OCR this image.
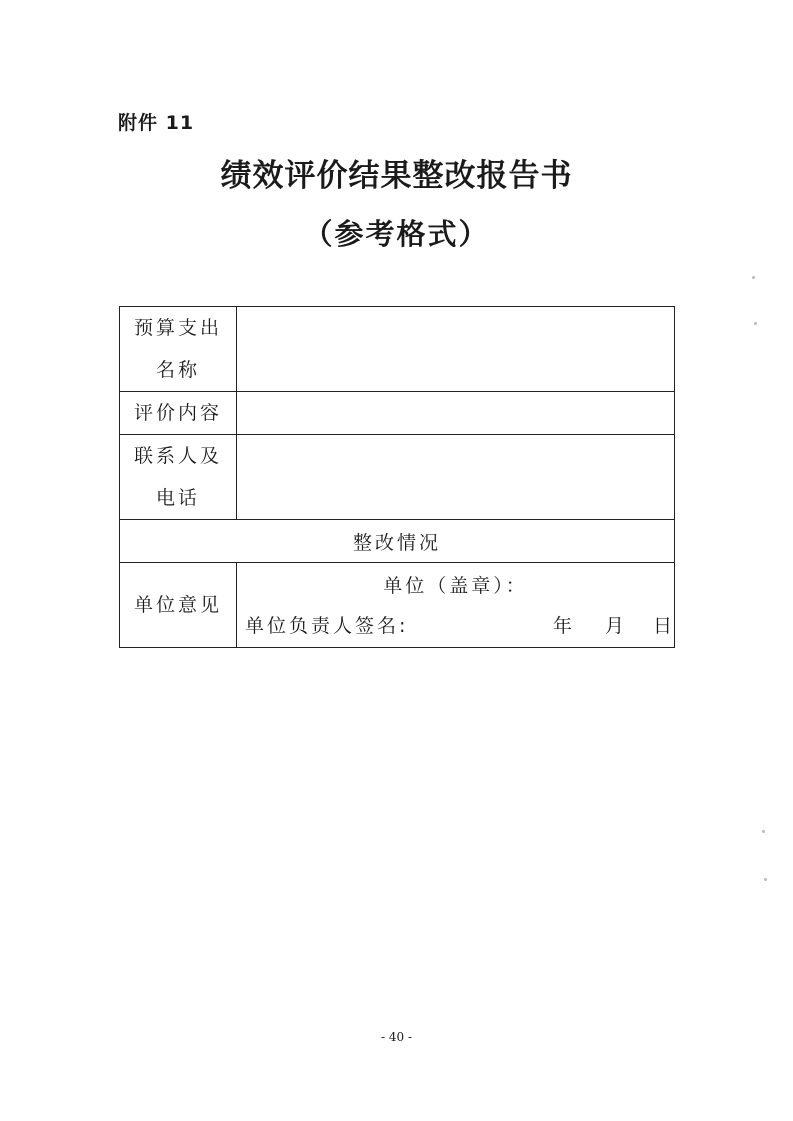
附件 11
绩效评价结果整改报告书
（参考格式）
预算支出名称	

评价内容	

联系人及电话	

整改情况	
单位意见	单位（盖章）：
单位负责人签名: 年 月 日
- 40 -
